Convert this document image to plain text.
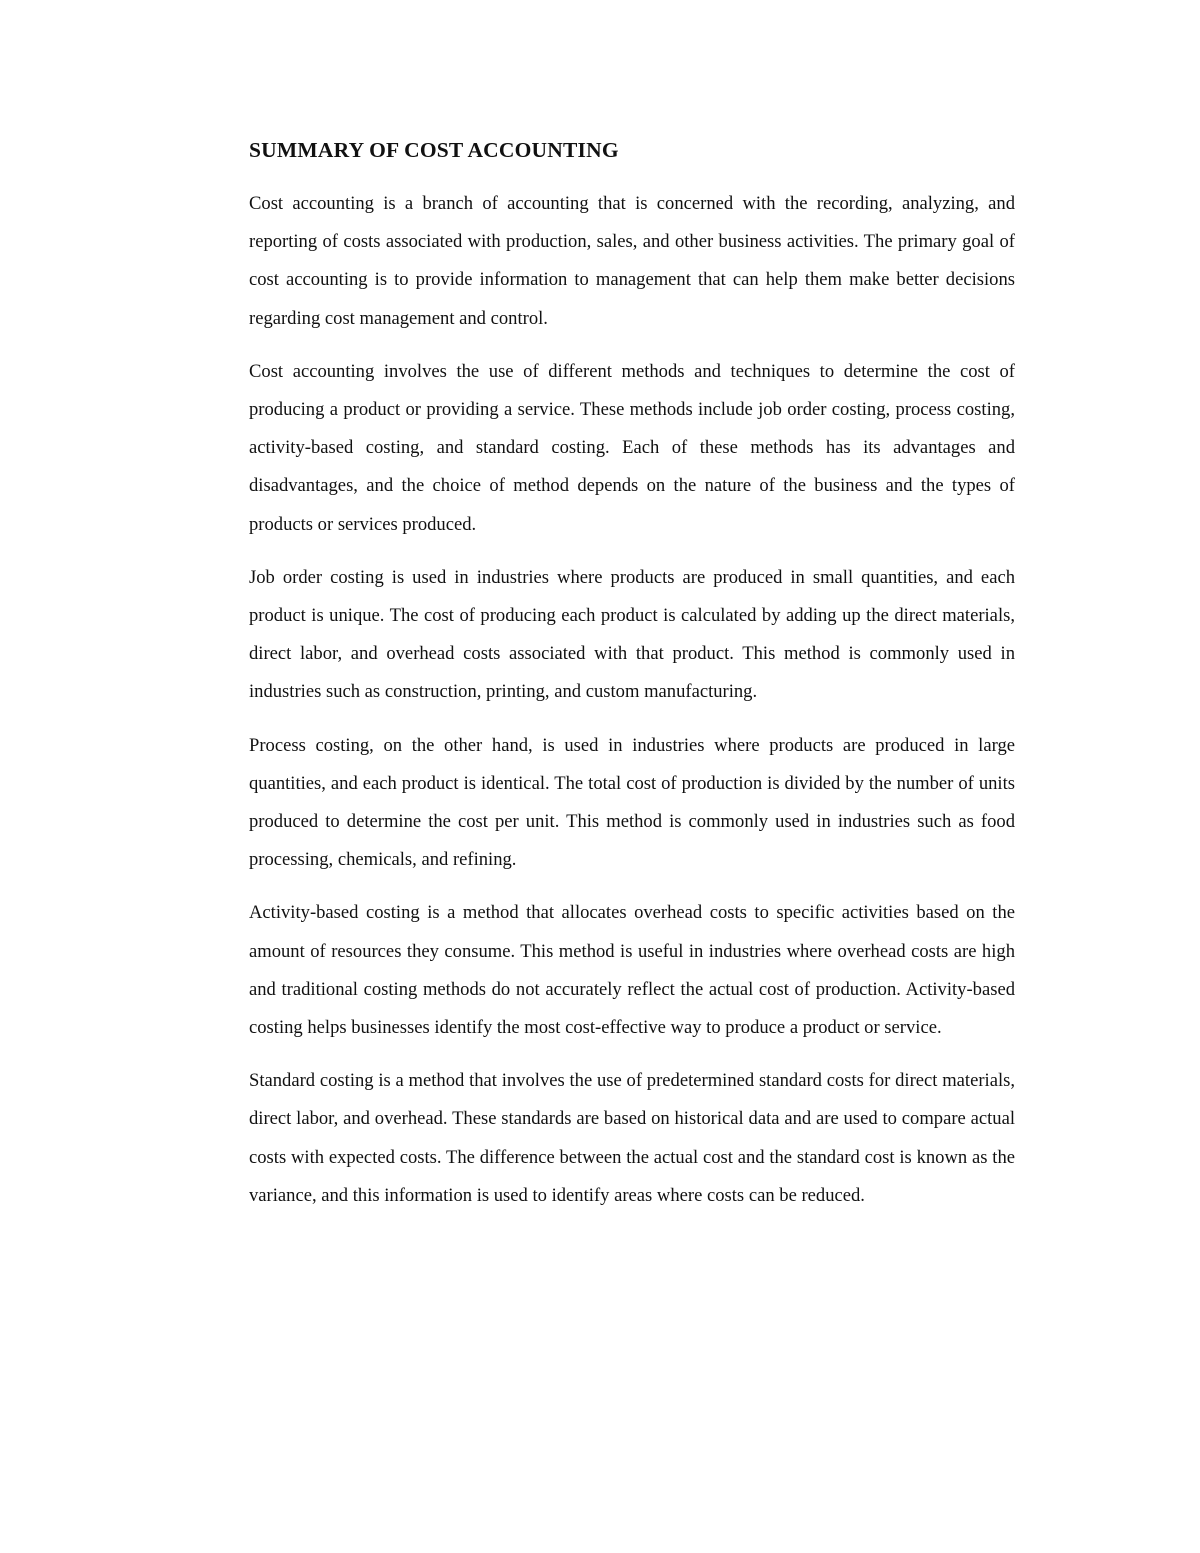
SUMMARY OF COST ACCOUNTING

Cost accounting is a branch of accounting that is concerned with the recording, analyzing, and reporting of costs associated with production, sales, and other business activities. The primary goal of cost accounting is to provide information to management that can help them make better decisions regarding cost management and control.

Cost accounting involves the use of different methods and techniques to determine the cost of producing a product or providing a service. These methods include job order costing, process costing, activity-based costing, and standard costing. Each of these methods has its advantages and disadvantages, and the choice of method depends on the nature of the business and the types of products or services produced.

Job order costing is used in industries where products are produced in small quantities, and each product is unique. The cost of producing each product is calculated by adding up the direct materials, direct labor, and overhead costs associated with that product. This method is commonly used in industries such as construction, printing, and custom manufacturing.

Process costing, on the other hand, is used in industries where products are produced in large quantities, and each product is identical. The total cost of production is divided by the number of units produced to determine the cost per unit. This method is commonly used in industries such as food processing, chemicals, and refining.

Activity-based costing is a method that allocates overhead costs to specific activities based on the amount of resources they consume. This method is useful in industries where overhead costs are high and traditional costing methods do not accurately reflect the actual cost of production. Activity-based costing helps businesses identify the most cost-effective way to produce a product or service.

Standard costing is a method that involves the use of predetermined standard costs for direct materials, direct labor, and overhead. These standards are based on historical data and are used to compare actual costs with expected costs. The difference between the actual cost and the standard cost is known as the variance, and this information is used to identify areas where costs can be reduced.
